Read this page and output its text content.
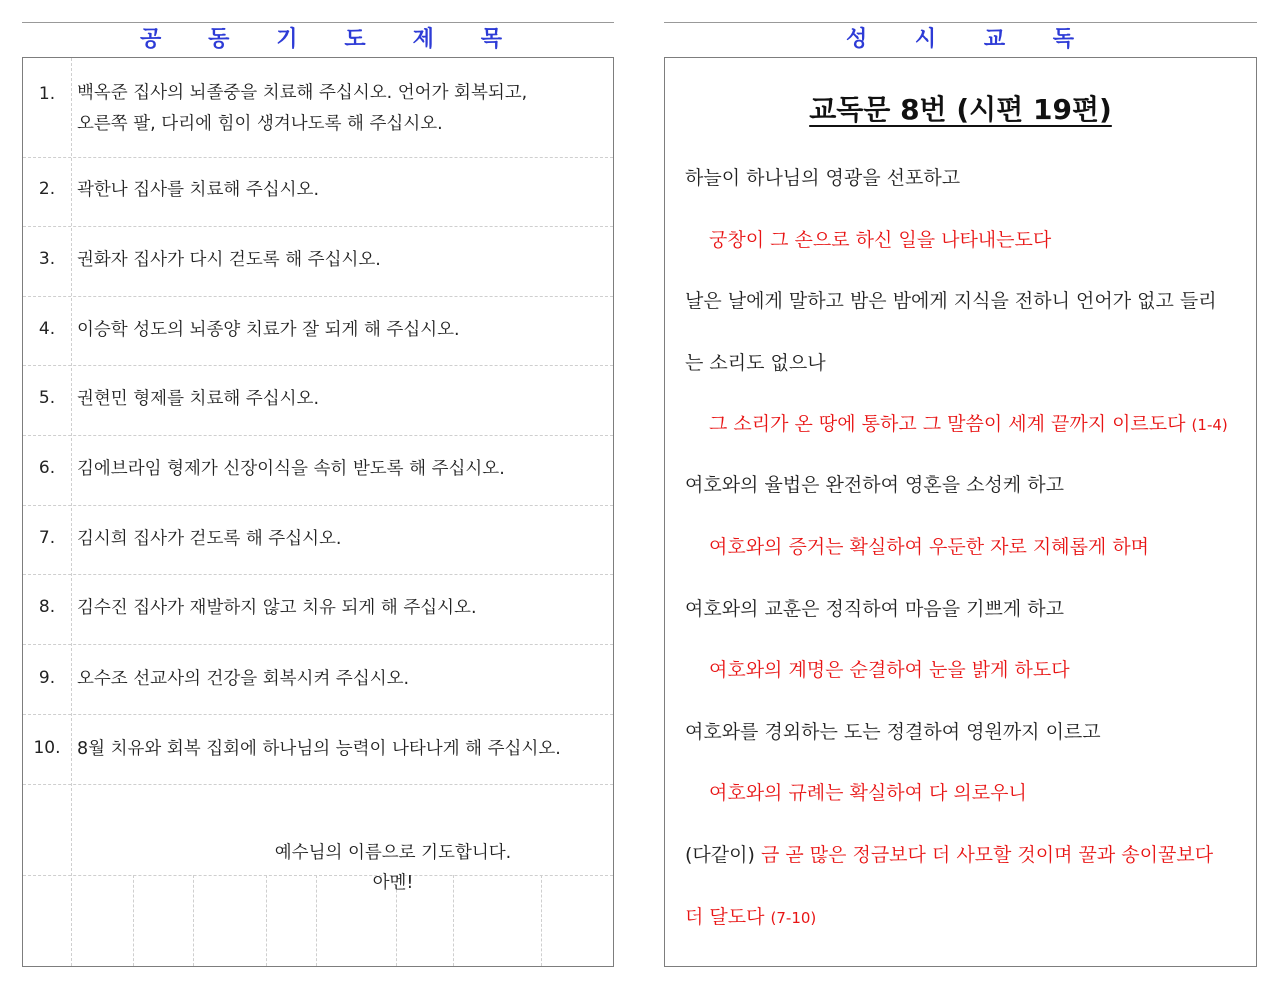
공 동 기 도 제 목
1.	백옥준 집사의 뇌졸중을 치료해 주십시오. 언어가 회복되고,
오른쪽 팔, 다리에 힘이 생겨나도록 해 주십시오.
2.	곽한나 집사를 치료해 주십시오.
3.	권화자 집사가 다시 걷도록 해 주십시오.
4.	이승학 성도의 뇌종양 치료가 잘 되게 해 주십시오.
5.	권현민 형제를 치료해 주십시오.
6.	김에브라임 형제가 신장이식을 속히 받도록 해 주십시오.
7.	김시희 집사가 걷도록 해 주십시오.
8.	김수진 집사가 재발하지 않고 치유 되게 해 주십시오.
9.	오수조 선교사의 건강을 회복시켜 주십시오.
10. 8월 치유와 회복 집회에 하나님의 능력이 나타나게 해 주십시오.
예수님의 이름으로 기도합니다.
아멘!
성 시 교 독
교독문 8번 (시편 19편)
하늘이 하나님의 영광을 선포하고
궁창이 그 손으로 하신 일을 나타내는도다
날은 날에게 말하고 밤은 밤에게 지식을 전하니 언어가 없고 들리
는 소리도 없으나
그 소리가 온 땅에 통하고 그 말씀이 세계 끝까지 이르도다 (1-4)
여호와의 율법은 완전하여 영혼을 소성케 하고
여호와의 증거는 확실하여 우둔한 자로 지혜롭게 하며
여호와의 교훈은 정직하여 마음을 기쁘게 하고
여호와의 계명은 순결하여 눈을 밝게 하도다
여호와를 경외하는 도는 정결하여 영원까지 이르고
여호와의 규례는 확실하여 다 의로우니
(다같이) 금 곧 많은 정금보다 더 사모할 것이며 꿀과 송이꿀보다
더 달도다 (7-10)
